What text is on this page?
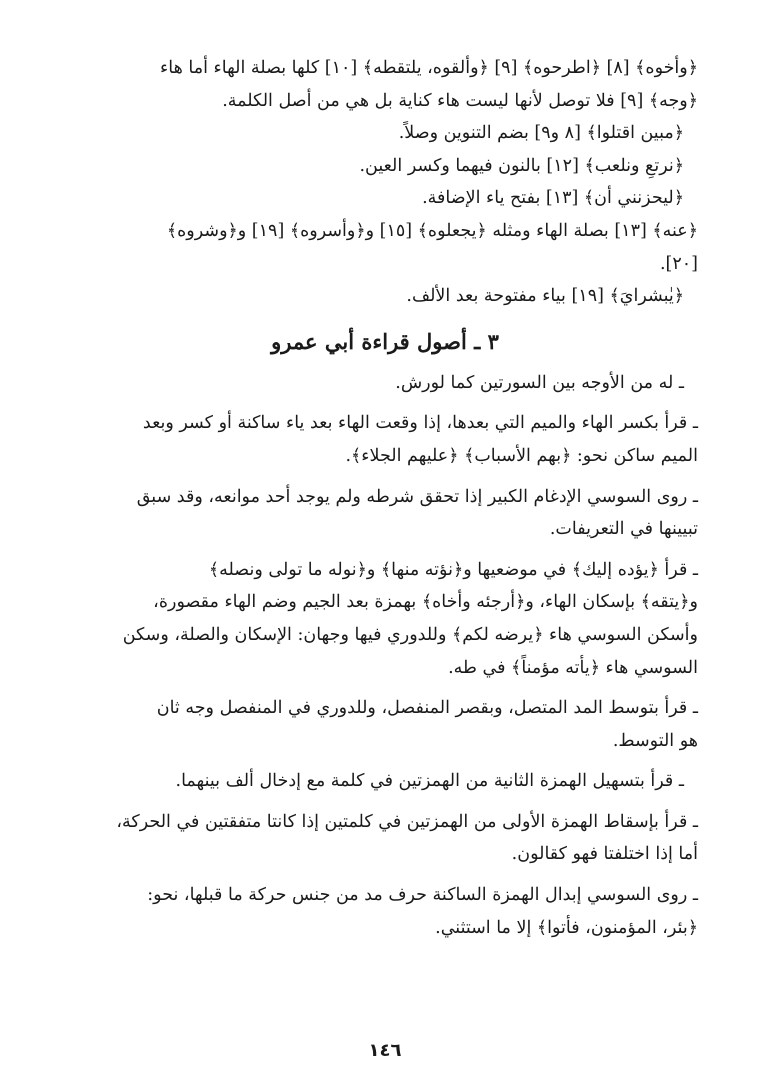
﴿وأخوه﴾ [٨] ﴿اطرحوه﴾ [٩] ﴿وألقوه، يلتقطه﴾ [١٠] كلها بصلة الهاء أما هاء

﴿وجه﴾ [٩] فلا توصل لأنها ليست هاء كناية بل هي من أصل الكلمة.

﴿مبين اقتلوا﴾ [٨ و٩] بضم التنوين وصلاً.

﴿نرتعِ ونلعب﴾ [١٢] بالنون فيهما وكسر العين.

﴿ليحزنني أن﴾ [١٣] بفتح ياء الإضافة.

﴿عنه﴾ [١٣] بصلة الهاء ومثله ﴿يجعلوه﴾ [١٥] و﴿وأسروه﴾ [١٩] و﴿وشروه﴾

[٢٠].

﴿يٰبشرايَ﴾ [١٩] بياء مفتوحة بعد الألف.

٣ ـ أصول قراءة أبي عمرو

ـ له من الأوجه بين السورتين كما لورش.

ـ قرأ بكسر الهاء والميم التي بعدها، إذا وقعت الهاء بعد ياء ساكنة أو كسر وبعد

الميم ساكن نحو: ﴿بهم الأسباب﴾ ﴿عليهم الجلاء﴾.

ـ روى السوسي الإدغام الكبير إذا تحقق شرطه ولم يوجد أحد موانعه، وقد سبق

تبيينها في التعريفات.

ـ قرأ ﴿يؤده إليك﴾ في موضعيها و﴿نؤته منها﴾ و﴿نوله ما تولى ونصله﴾

و﴿يتقه﴾ بإسكان الهاء، و﴿أرجئه وأخاه﴾ بهمزة بعد الجيم وضم الهاء مقصورة،

وأسكن السوسي هاء ﴿يرضه لكم﴾ وللدوري فيها وجهان: الإسكان والصلة، وسكن

السوسي هاء ﴿يأته مؤمناً﴾ في طه.

ـ قرأ بتوسط المد المتصل، وبقصر المنفصل، وللدوري في المنفصل وجه ثان

هو التوسط.

ـ قرأ بتسهيل الهمزة الثانية من الهمزتين في كلمة مع إدخال ألف بينهما.

ـ قرأ بإسقاط الهمزة الأولى من الهمزتين في كلمتين إذا كانتا متفقتين في الحركة،

أما إذا اختلفتا فهو كقالون.

ـ روى السوسي إبدال الهمزة الساكنة حرف مد من جنس حركة ما قبلها، نحو:

﴿بئر، المؤمنون، فأتوا﴾ إلا ما استثني.

١٤٦
